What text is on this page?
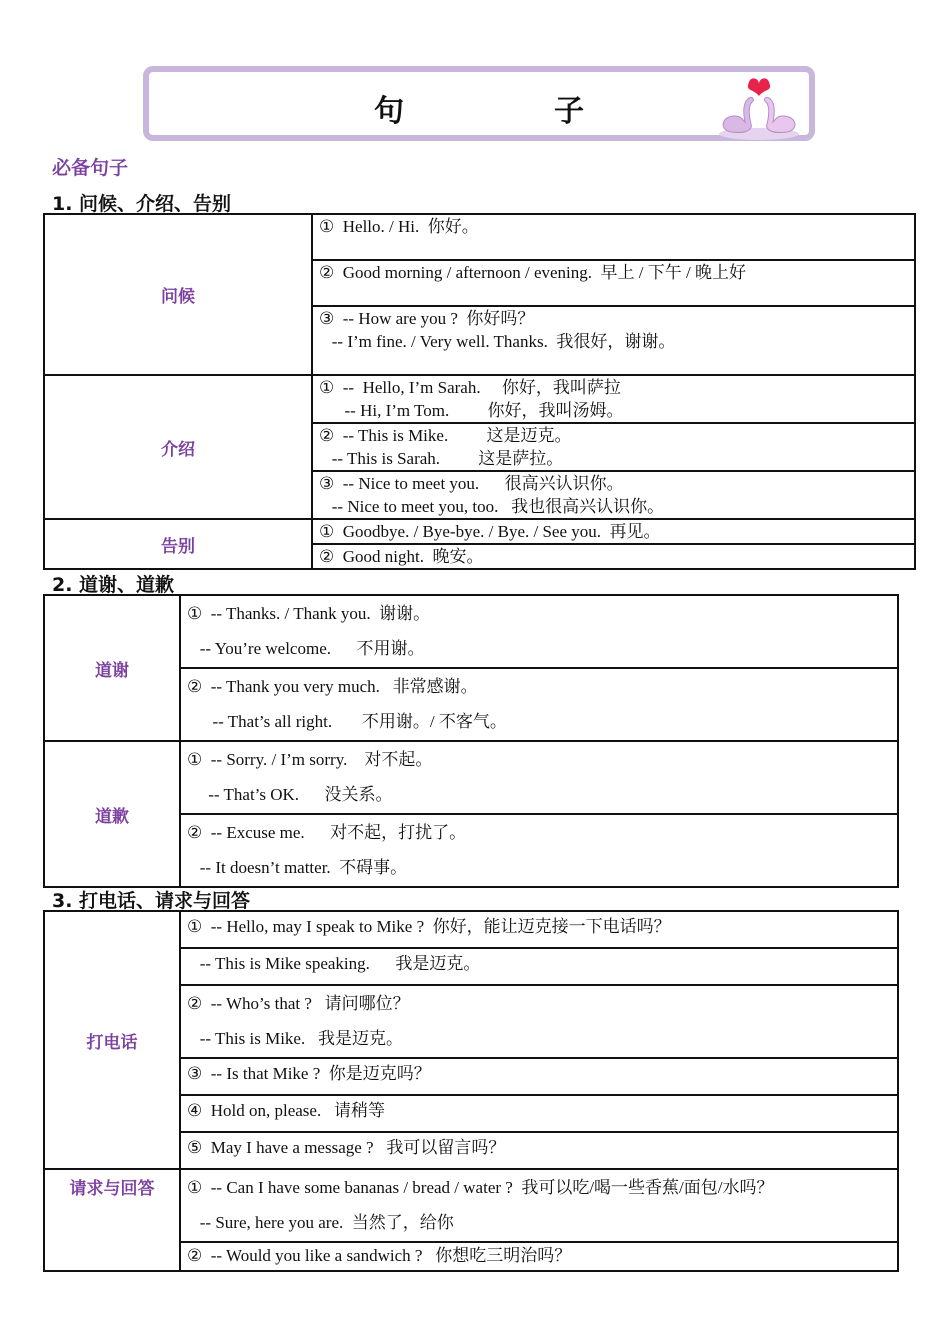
句　子
必备句子
1. 问候、介绍、告别
问候	①  Hello. / Hi.  你好。

	②  Good morning / afternoon / evening.  早上 / 下午 / 晚上好

	③  -- How are you ?  你好吗？
-- I’m fine. / Very well. Thanks.  我很好，谢谢。

介绍	①  --  Hello, I’m Sarah.     你好，我叫萨拉
-- Hi, I’m Tom.         你好，我叫汤姆。

	②  -- This is Mike.         这是迈克。
-- This is Sarah.         这是萨拉。

	③  -- Nice to meet you.      很高兴认识你。
-- Nice to meet you, too.   我也很高兴认识你。

告别	①  Goodbye. / Bye-bye. / Bye. / See you.  再见。

	②  Good night.  晚安。
2. 道谢、道歉
道谢	①  -- Thanks. / Thank you.  谢谢。
-- You’re welcome.      不用谢。

	②  -- Thank you very much.   非常感谢。
-- That’s all right.       不用谢。/ 不客气。

道歉	①  -- Sorry. / I’m sorry.    对不起。
-- That’s OK.      没关系。

	②  -- Excuse me.      对不起，打扰了。
-- It doesn’t matter.  不碍事。
3. 打电话、请求与回答
打电话	①  -- Hello, may I speak to Mike ?  你好，能让迈克接一下电话吗？

	-- This is Mike speaking.      我是迈克。

	②  -- Who’s that ?   请问哪位？
-- This is Mike.   我是迈克。

	③  -- Is that Mike ?  你是迈克吗？

	④  Hold on, please.   请稍等

	⑤  May I have a message ?   我可以留言吗？

请求与回答	①  -- Can I have some bananas / bread / water ?  我可以吃/喝一些香蕉/面包/水吗？
-- Sure, here you are.  当然了，给你

	②  -- Would you like a sandwich ?   你想吃三明治吗？
